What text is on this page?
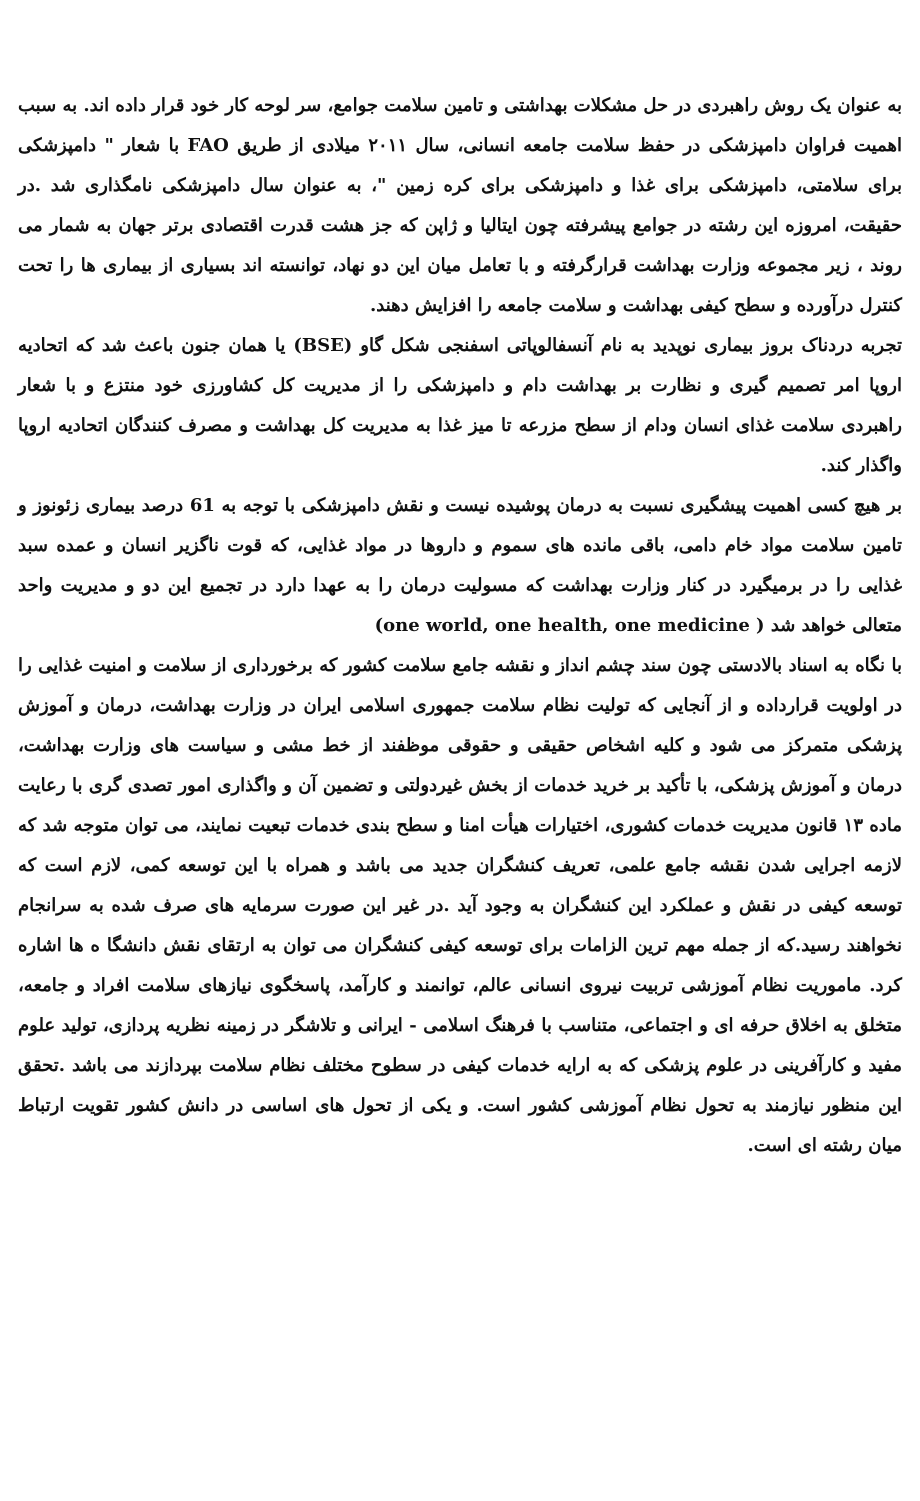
به عنوان یک روش راهبردی در حل مشکلات بهداشتی و تامین سلامت جوامع، سر لوحه کار خود قرار داده اند. به سبب اهمیت فراوان دامپزشکی در حفظ سلامت جامعه انسانی، سال ۲۰۱۱ میلادی از طریق FAO با شعار " دامپزشکی برای سلامتی، دامپزشکی برای غذا و دامپزشکی برای کره زمین "، به عنوان سال دامپزشکی نامگذاری شد .در حقیقت، امروزه این رشته در جوامع پیشرفته چون ایتالیا و ژاپن که جز هشت قدرت اقتصادی برتر جهان به شمار می روند ، زیر مجموعه وزارت بهداشت قرارگرفته و با تعامل میان این دو نهاد، توانسته اند بسیاری از بیماری ها را تحت کنترل درآورده و سطح کیفی بهداشت و سلامت جامعه را افزایش دهند.

تجربه دردناک بروز بیماری نوپدید به نام آنسفالوپاتی اسفنجی شکل گاو (BSE) یا همان جنون باعث شد که اتحادیه اروپا امر تصمیم گیری و نظارت بر بهداشت دام و دامپزشکی را از مدیریت کل کشاورزی خود منتزع و با شعار راهبردی سلامت غذای انسان ودام از سطح مزرعه تا میز غذا به مدیریت کل بهداشت و مصرف کنندگان اتحادیه اروپا واگذار کند.

بر هیچ کسی اهمیت پیشگیری نسبت به درمان پوشیده نیست و نقش دامپزشکی با توجه به 61 درصد بیماری زئونوز و تامین سلامت مواد خام دامی، باقی مانده های سموم و داروها در مواد غذایی، که قوت ناگزیر انسان و عمده سبد غذایی را در برمیگیرد در کنار وزارت بهداشت که مسولیت درمان را به عهدا دارد در تجمیع این دو و مدیریت واحد متعالی خواهد شد ( one world, one health, one medicine)

با نگاه به اسناد بالادستی چون سند چشم انداز و نقشه جامع سلامت کشور که برخورداری از سلامت و امنیت غذایی را در اولویت قرارداده و از آنجایی که تولیت نظام سلامت جمهوری اسلامی ایران در وزارت بهداشت، درمان و آموزش پزشکی متمرکز می شود و کلیه اشخاص حقیقی و حقوقی موظفند از خط مشی و سیاست های وزارت بهداشت، درمان و آموزش پزشکی، با تأکید بر خرید خدمات از بخش غیردولتی و تضمین آن و واگذاری امور تصدی گری با رعایت ماده ۱۳ قانون مدیریت خدمات کشوری، اختیارات هیأت امنا و سطح بندی خدمات تبعیت نمایند، می توان متوجه شد که لازمه اجرایی شدن نقشه جامع علمی، تعریف کنشگران جدید می باشد و همراه با این توسعه کمی، لازم است که توسعه کیفی در نقش و عملکرد این کنشگران به وجود آید .در غیر این صورت سرمایه های صرف شده به سرانجام نخواهند رسید.که از جمله مهم ترین الزامات برای توسعه کیفی کنشگران می توان به ارتقای نقش دانشگا ه ها اشاره کرد. ماموریت نظام آموزشی تربیت نیروی انسانی عالم، توانمند و کارآمد، پاسخگوی نیازهای سلامت افراد و جامعه، متخلق به اخلاق حرفه ای و اجتماعی، متناسب با فرهنگ اسلامی - ایرانی و تلاشگر در زمینه نظریه پردازی، تولید علوم مفید و کارآفرینی در علوم پزشکی که به ارایه خدمات کیفی در سطوح مختلف نظام سلامت بپردازند می باشد .تحقق این منظور نیازمند به تحول نظام آموزشی کشور است. و یکی از تحول های اساسی در دانش کشور تقویت ارتباط میان رشته ای است.
